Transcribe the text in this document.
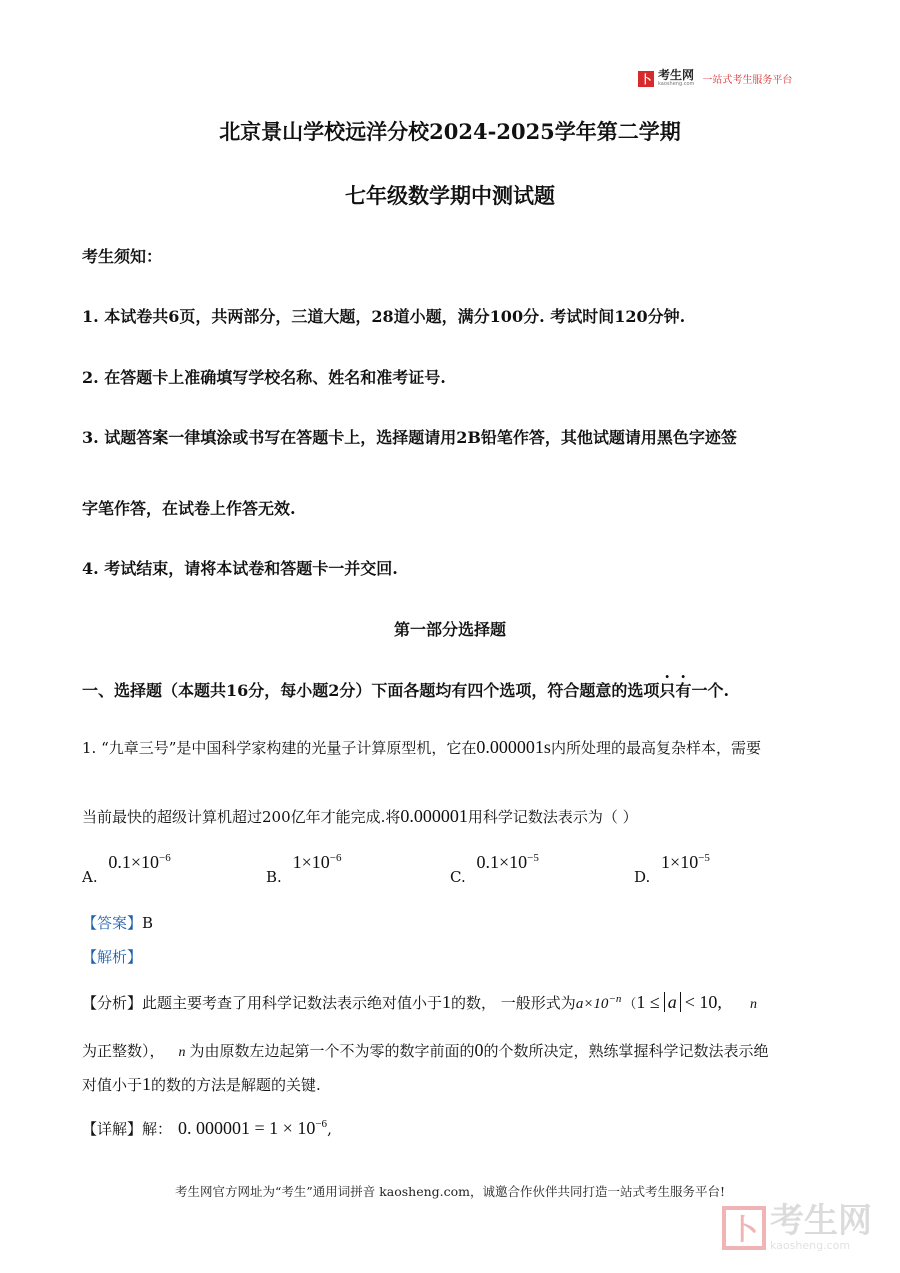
卜 考生网
kaosheng.com 一站式考生服务平台
北京景山学校远洋分校2024-2025学年第二学期
七年级数学期中测试题
考生须知：
1. 本试卷共6页，共两部分，三道大题，28道小题，满分100分. 考试时间120分钟.
2. 在答题卡上准确填写学校名称、姓名和准考证号.
3. 试题答案一律填涂或书写在答题卡上，选择题请用2B铅笔作答，其他试题请用黑色字迹签
字笔作答，在试卷上作答无效.
4. 考试结束，请将本试卷和答题卡一并交回.
第一部分选择题
一、选择题（本题共16分，每小题2分）下面各题均有四个选项，符合题意的选项只有一个.
1. “九章三号”是中国科学家构建的光量子计算原型机，它在0.000001s内所处理的最高复杂样本，需要
当前最快的超级计算机超过200亿年才能完成.将0.000001用科学记数法表示为（ ）
A. $0.1\times 10^{-6}$
B. $1\times 10^{-6}$
C. $0.1\times 10^{-5}$
D. $1\times 10^{-5}$
【答案】B
【解析】
【分析】此题主要考查了用科学记数法表示绝对值小于1的数， 一般形式为$a\times 10^{-n}$ （1 ≤ a < 10, n
为正整数）， n 为由原数左边起第一个不为零的数字前面的0的个数所决定，熟练掌握科学记数法表示绝
对值小于1的数的方法是解题的关键.
【详解】解： 0. $000001 = 1 \times 10^{-6}$,
考生网官方网址为“考生”通用词拼音 kaosheng.com，诚邀合作伙伴共同打造一站式考生服务平台!
卜 考生网
kaosheng.com
